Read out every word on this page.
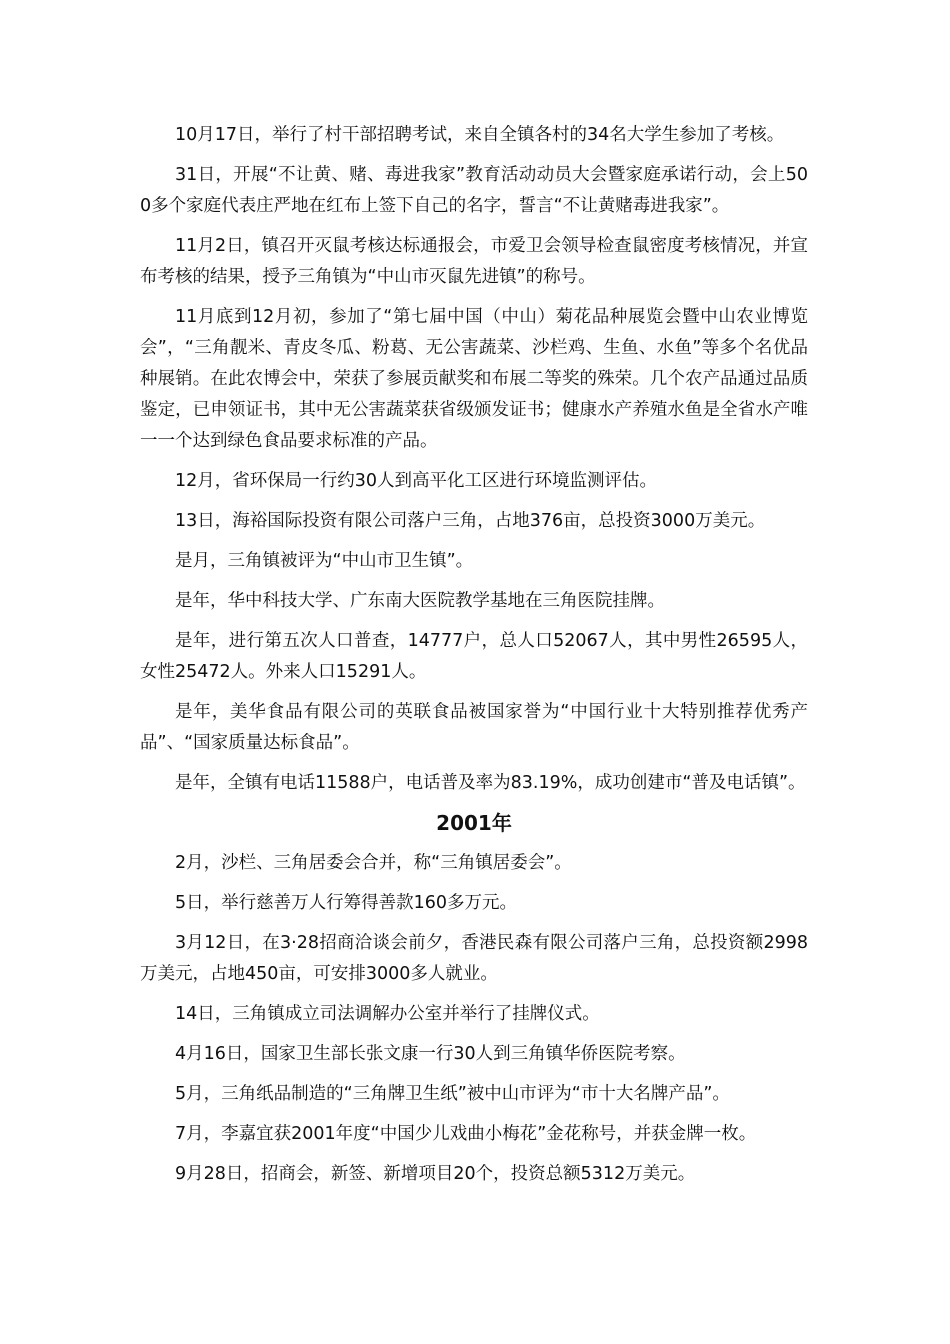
10月17日，举行了村干部招聘考试，来自全镇各村的34名大学生参加了考核。

31日，开展“不让黄、赌、毒进我家”教育活动动员大会暨家庭承诺行动，会上500多个家庭代表庄严地在红布上签下自己的名字，誓言“不让黄赌毒进我家”。

11月2日，镇召开灭鼠考核达标通报会，市爱卫会领导检查鼠密度考核情况，并宣布考核的结果，授予三角镇为“中山市灭鼠先进镇”的称号。

11月底到12月初，参加了“第七届中国（中山）菊花品种展览会暨中山农业博览会”，“三角靓米、青皮冬瓜、粉葛、无公害蔬菜、沙栏鸡、生鱼、水鱼”等多个名优品种展销。在此农博会中，荣获了参展贡献奖和布展二等奖的殊荣。几个农产品通过品质鉴定，已申领证书，其中无公害蔬菜获省级颁发证书；健康水产养殖水鱼是全省水产唯一一个达到绿色食品要求标准的产品。

12月，省环保局一行约30人到高平化工区进行环境监测评估。

13日，海裕国际投资有限公司落户三角，占地376亩，总投资3000万美元。

是月，三角镇被评为“中山市卫生镇”。

是年，华中科技大学、广东南大医院教学基地在三角医院挂牌。

是年，进行第五次人口普查，14777户，总人口52067人，其中男性26595人，女性25472人。外来人口15291人。

是年，美华食品有限公司的英联食品被国家誉为“中国行业十大特别推荐优秀产品”、“国家质量达标食品”。

是年，全镇有电话11588户，电话普及率为83.19%，成功创建市“普及电话镇”。

2001年

2月，沙栏、三角居委会合并，称“三角镇居委会”。

5日，举行慈善万人行筹得善款160多万元。

3月12日，在3·28招商洽谈会前夕，香港民森有限公司落户三角，总投资额2998万美元，占地450亩，可安排3000多人就业。

14日，三角镇成立司法调解办公室并举行了挂牌仪式。

4月16日，国家卫生部长张文康一行30人到三角镇华侨医院考察。

5月，三角纸品制造的“三角牌卫生纸”被中山市评为“市十大名牌产品”。

7月，李嘉宜获2001年度“中国少儿戏曲小梅花”金花称号，并获金牌一枚。

9月28日，招商会，新签、新增项目20个，投资总额5312万美元。
